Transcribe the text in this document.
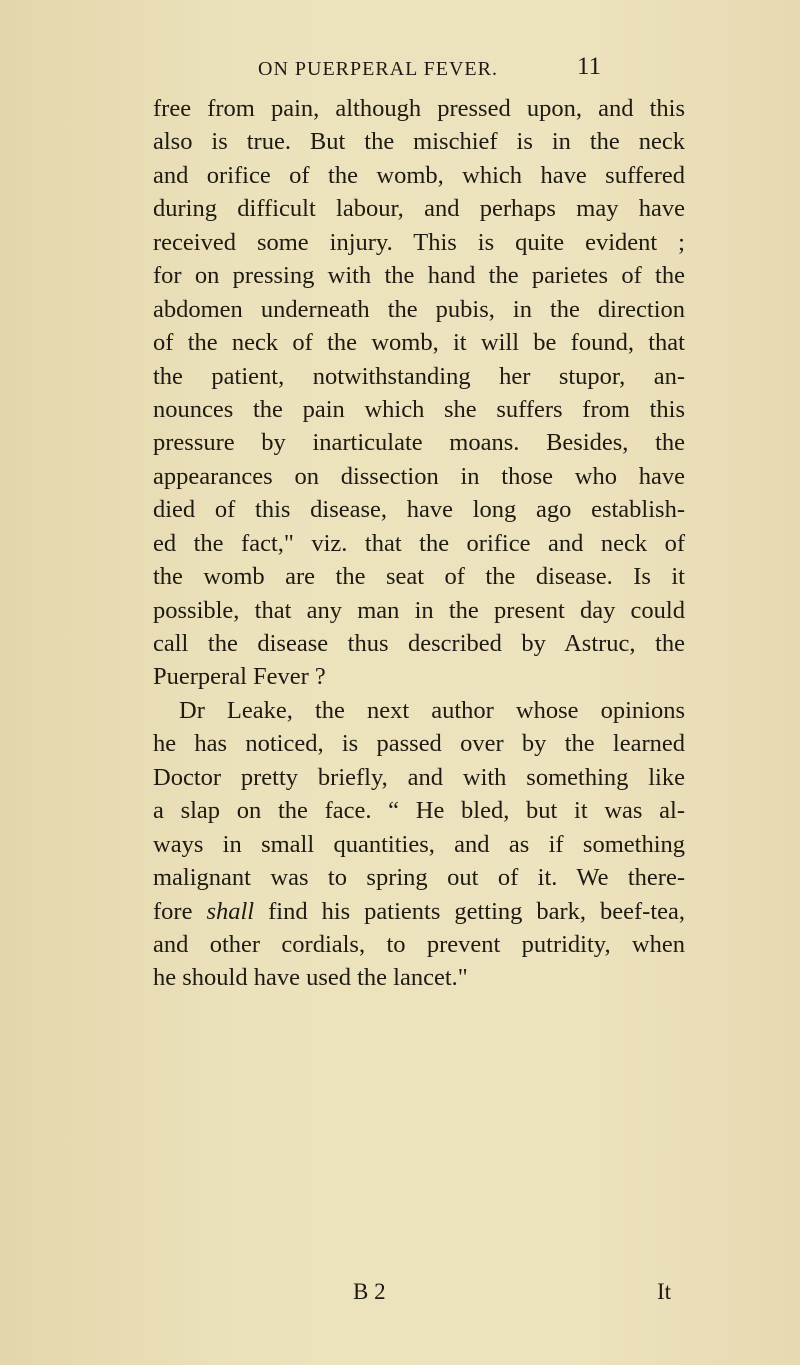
ON PUERPERAL FEVER.	11
free from pain, although pressed upon, and this
also is true. But the mischief is in the neck
and orifice of the womb, which have suffered
during difficult labour, and perhaps may have
received some injury. This is quite evident ;
for on pressing with the hand the parietes of the
abdomen underneath the pubis, in the direction
of the neck of the womb, it will be found, that
the patient, notwithstanding her stupor, an-
nounces the pain which she suffers from this
pressure by inarticulate moans. Besides, the
appearances on dissection in those who have
died of this disease, have long ago establish-
ed the fact," viz. that the orifice and neck of
the womb are the seat of the disease. Is it
possible, that any man in the present day could
call the disease thus described by Astruc, the
Puerperal Fever ?
Dr Leake, the next author whose opinions
he has noticed, is passed over by the learned
Doctor pretty briefly, and with something like
a slap on the face. “ He bled, but it was al-
ways in small quantities, and as if something
malignant was to spring out of it. We there-
fore shall find his patients getting bark, beef-tea,
and other cordials, to prevent putridity, when
he should have used the lancet."
B 2	It
